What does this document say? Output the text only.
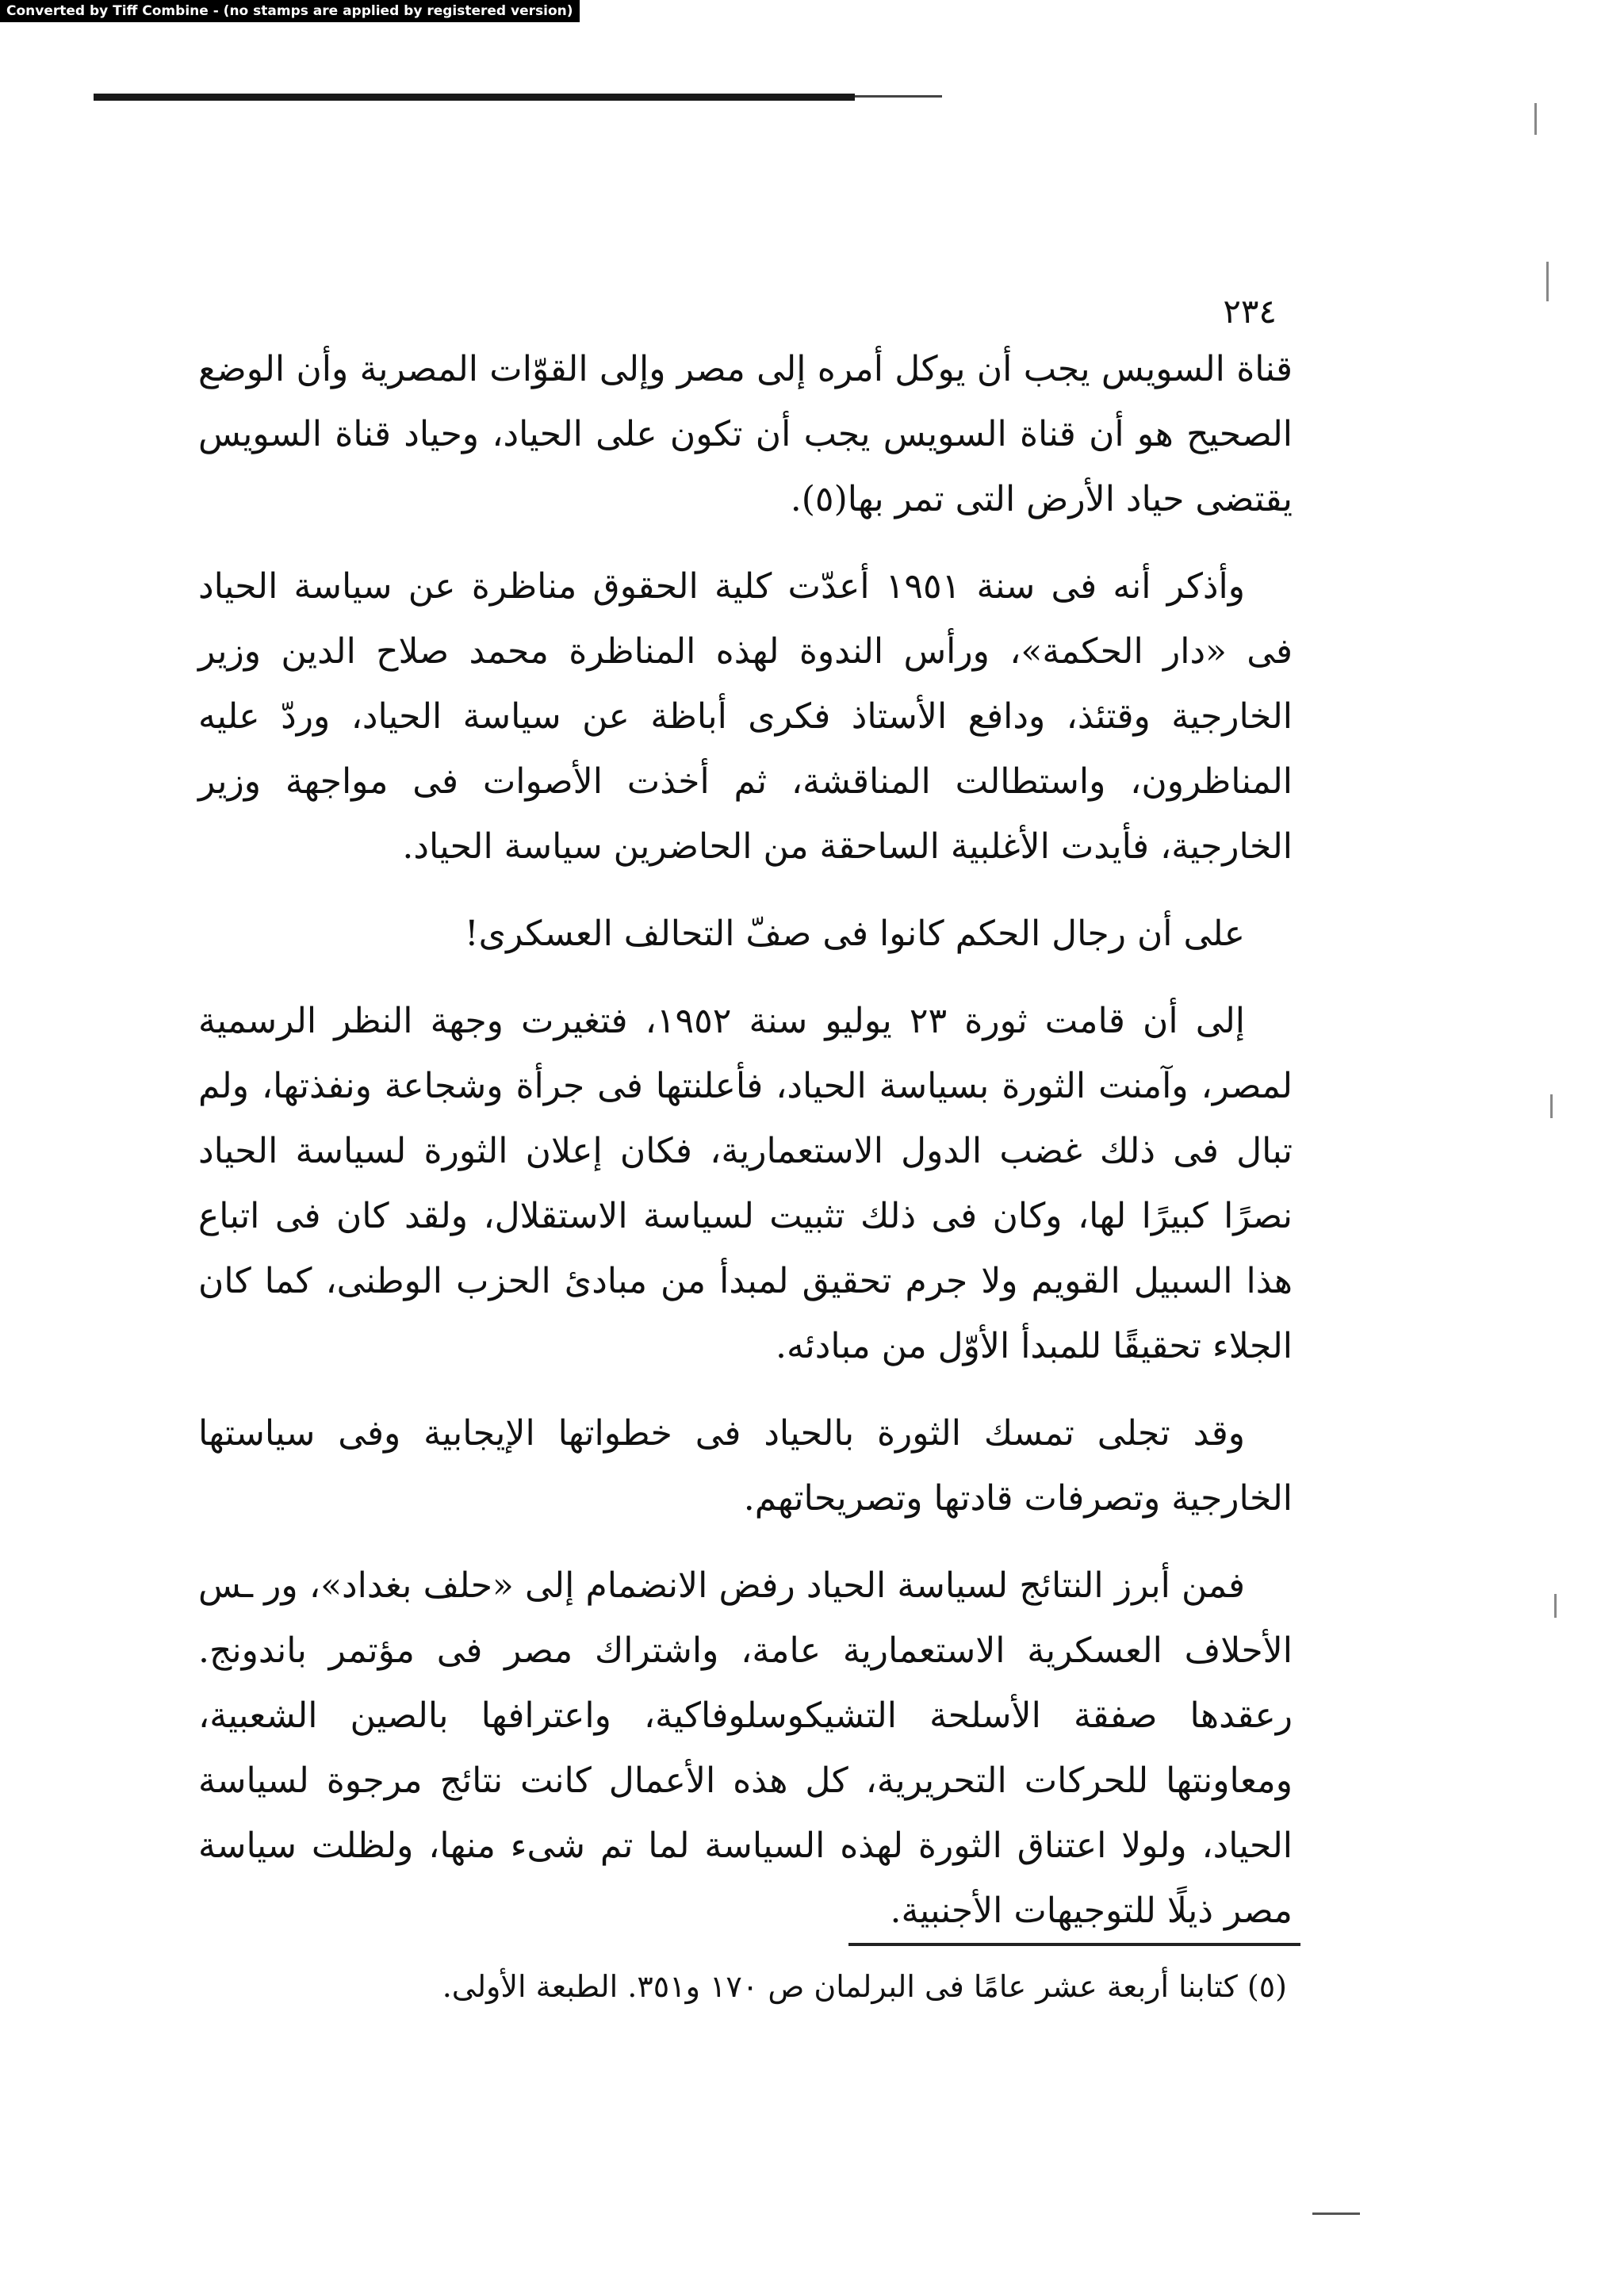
Converted by Tiff Combine - (no stamps are applied by registered version)
٢٣٤

قناة السويس يجب أن يوكل أمره إلى مصر وإلى القوّات المصرية وأن الوضع الصحيح هو أن قناة السويس يجب أن تكون على الحياد، وحياد قناة السويس يقتضى حياد الأرض التى تمر بها(٥).

وأذكر أنه فى سنة ١٩٥١ أعدّت كلية الحقوق مناظرة عن سياسة الحياد فى «دار الحكمة»، ورأس الندوة لهذه المناظرة محمد صلاح الدين وزير الخارجية وقتئذ، ودافع الأستاذ فكرى أباظة عن سياسة الحياد، وردّ عليه المناظرون، واستطالت المناقشة، ثم أخذت الأصوات فى مواجهة وزير الخارجية، فأيدت الأغلبية الساحقة من الحاضرين سياسة الحياد.

على أن رجال الحكم كانوا فى صفّ التحالف العسكرى!

إلى أن قامت ثورة ٢٣ يوليو سنة ١٩٥٢، فتغيرت وجهة النظر الرسمية لمصر، وآمنت الثورة بسياسة الحياد، فأعلنتها فى جرأة وشجاعة ونفذتها، ولم تبال فى ذلك غضب الدول الاستعمارية، فكان إعلان الثورة لسياسة الحياد نصرًا كبيرًا لها، وكان فى ذلك تثبيت لسياسة الاستقلال، ولقد كان فى اتباع هذا السبيل القويم ولا جرم تحقيق لمبدأ من مبادئ الحزب الوطنى، كما كان الجلاء تحقيقًا للمبدأ الأوّل من مبادئه.

وقد تجلى تمسك الثورة بالحياد فى خطواتها الإيجابية وفى سياستها الخارجية وتصرفات قادتها وتصريحاتهم.

فمن أبرز النتائج لسياسة الحياد رفض الانضمام إلى «حلف بغداد»، ور ـس الأحلاف العسكرية الاستعمارية عامة، واشتراك مصر فى مؤتمر باندونج. رعقدها صفقة الأسلحة التشيكوسلوفاكية، واعترافها بالصين الشعبية، ومعاونتها للحركات التحريرية، كل هذه الأعمال كانت نتائج مرجوة لسياسة الحياد، ولولا اعتناق الثورة لهذه السياسة لما تم شىء منها، ولظلت سياسة مصر ذيلًا للتوجيهات الأجنبية.

(٥) كتابنا أربعة عشر عامًا فى البرلمان ص ١٧٠ و٣٥١. الطبعة الأولى.
